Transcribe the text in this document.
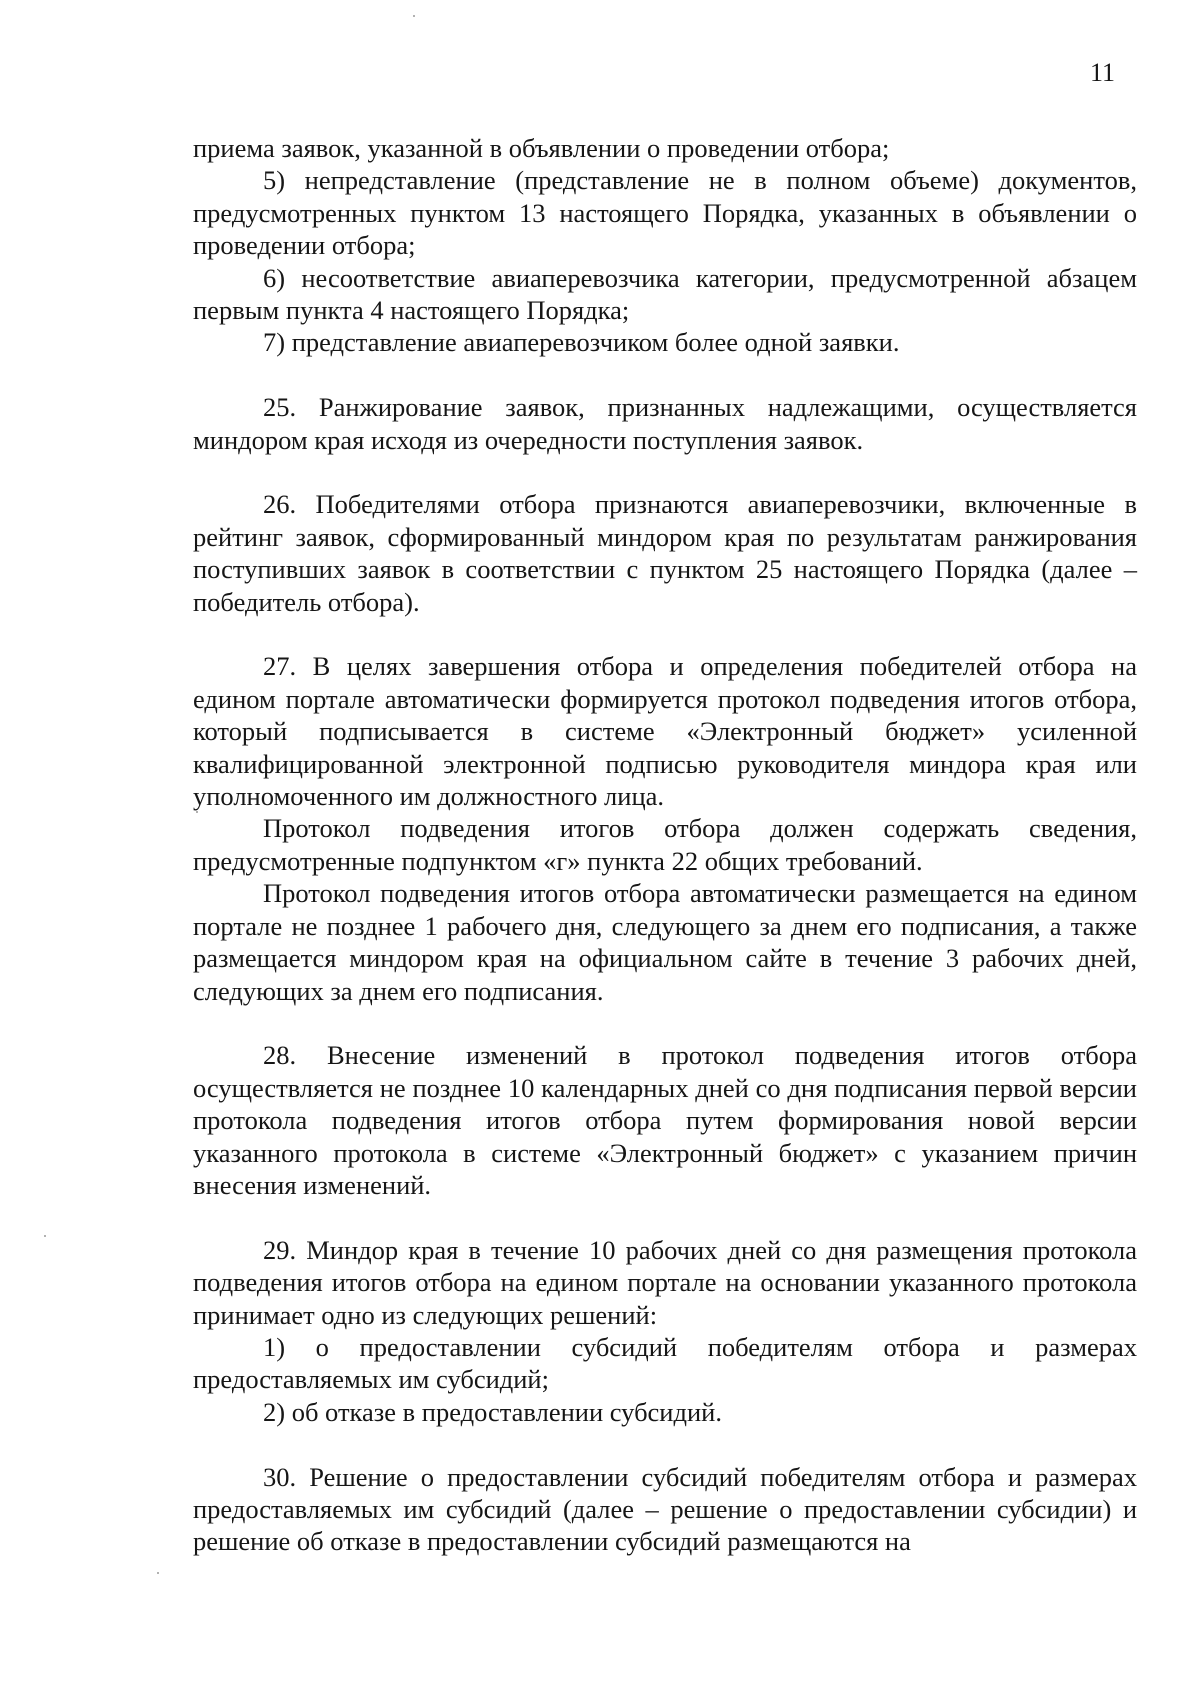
11

приема заявок, указанной в объявлении о проведении отбора;

5) непредставление (представление не в полном объеме) документов, предусмотренных пунктом 13 настоящего Порядка, указанных в объявлении о проведении отбора;

6) несоответствие авиаперевозчика категории, предусмотренной абзацем первым пункта 4 настоящего Порядка;

7) представление авиаперевозчиком более одной заявки.

25. Ранжирование заявок, признанных надлежащими, осуществляется миндором края исходя из очередности поступления заявок.

26. Победителями отбора признаются авиаперевозчики, включенные в рейтинг заявок, сформированный миндором края по результатам ранжирования поступивших заявок в соответствии с пунктом 25 настоящего Порядка (далее – победитель отбора).

27. В целях завершения отбора и определения победителей отбора на едином портале автоматически формируется протокол подведения итогов отбора, который подписывается в системе «Электронный бюджет» усиленной квалифицированной электронной подписью руководителя миндора края или уполномоченного им должностного лица.

Протокол подведения итогов отбора должен содержать сведения, предусмотренные подпунктом «г» пункта 22 общих требований.

Протокол подведения итогов отбора автоматически размещается на едином портале не позднее 1 рабочего дня, следующего за днем его подписания, а также размещается миндором края на официальном сайте в течение 3 рабочих дней, следующих за днем его подписания.

28. Внесение изменений в протокол подведения итогов отбора осуществляется не позднее 10 календарных дней со дня подписания первой версии протокола подведения итогов отбора путем формирования новой версии указанного протокола в системе «Электронный бюджет» с указанием причин внесения изменений.

29. Миндор края в течение 10 рабочих дней со дня размещения протокола подведения итогов отбора на едином портале на основании указанного протокола принимает одно из следующих решений:

1) о предоставлении субсидий победителям отбора и размерах предоставляемых им субсидий;

2) об отказе в предоставлении субсидий.

30. Решение о предоставлении субсидий победителям отбора и размерах предоставляемых им субсидий (далее – решение о предоставлении субсидии) и решение об отказе в предоставлении субсидий размещаются на
